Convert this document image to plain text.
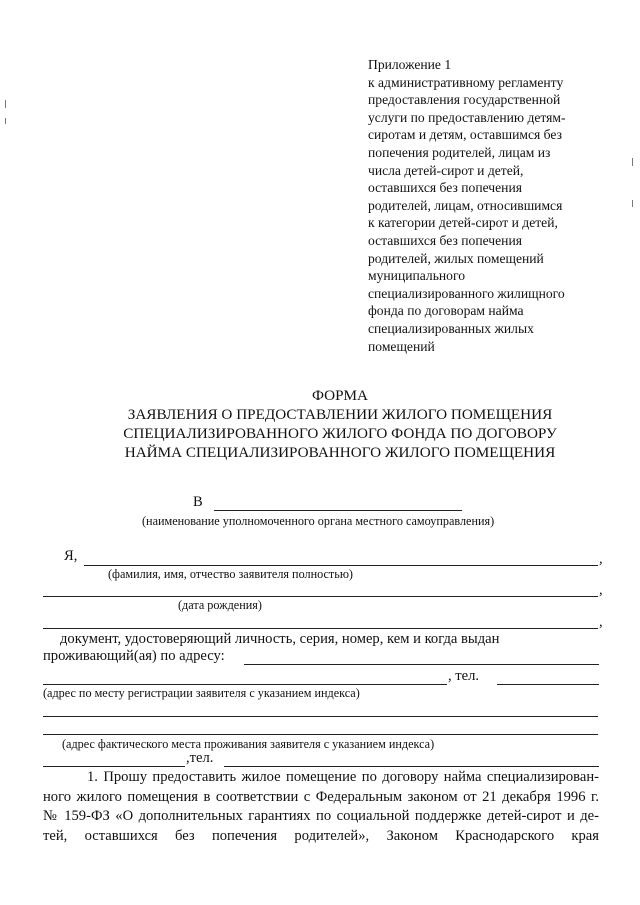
Приложение 1
к административному регламенту
предоставления государственной
услуги по предоставлению детям-
сиротам и детям, оставшимся без
попечения родителей, лицам из
числа детей-сирот и детей,
оставшихся без попечения
родителей, лицам, относившимся
к категории детей-сирот и детей,
оставшихся без попечения
родителей, жилых помещений
муниципального
специализированного жилищного
фонда по договорам найма
специализированных жилых
помещений
ФОРМА
ЗАЯВЛЕНИЯ О ПРЕДОСТАВЛЕНИИ ЖИЛОГО ПОМЕЩЕНИЯ
СПЕЦИАЛИЗИРОВАННОГО ЖИЛОГО ФОНДА ПО ДОГОВОРУ
НАЙМА СПЕЦИАЛИЗИРОВАННОГО ЖИЛОГО ПОМЕЩЕНИЯ
В
(наименование уполномоченного органа местного самоуправления)
Я,	,
(фамилия, имя, отчество заявителя полностью)
,
(дата рождения)
,
документ, удостоверяющий личность, серия, номер, кем и когда выдан
проживающий(ая) по адресу:
, тел.
(адрес по месту регистрации заявителя с указанием индекса)
(адрес фактического места проживания заявителя с указанием индекса)
,тел.
1. Прошу предоставить жилое помещение по договору найма специализирован-
ного жилого помещения в соответствии с Федеральным законом от 21 декабря 1996 г.
№ 159-ФЗ «О дополнительных гарантиях по социальной поддержке детей-сирот и де-
тей, оставшихся без попечения родителей», Законом Краснодарского края
